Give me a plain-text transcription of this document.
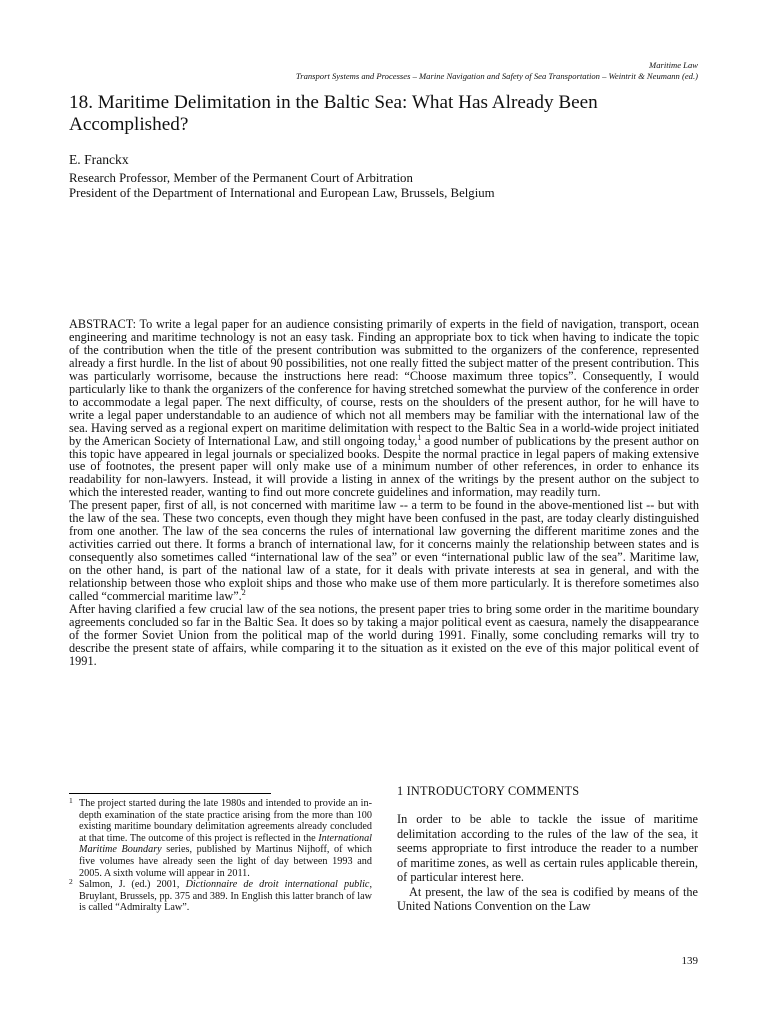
Maritime Law
Transport Systems and Processes – Marine Navigation and Safety of Sea Transportation – Weintrit & Neumann (ed.)
18. Maritime Delimitation in the Baltic Sea: What Has Already Been Accomplished?
E. Franckx
Research Professor, Member of the Permanent Court of Arbitration
President of the Department of International and European Law, Brussels, Belgium

ABSTRACT: To write a legal paper for an audience consisting primarily of experts in the field of navigation, transport, ocean engineering and maritime technology is not an easy task. Finding an appropriate box to tick when having to indicate the topic of the contribution when the title of the present contribution was submitted to the organizers of the conference, represented already a first hurdle. In the list of about 90 possibilities, not one really fitted the subject matter of the present contribution. This was particularly worrisome, because the instructions here read: “Choose maximum three topics”. Consequently, I would particularly like to thank the organizers of the conference for having stretched somewhat the purview of the conference in order to accommodate a legal paper. The next difficulty, of course, rests on the shoulders of the present author, for he will have to write a legal paper understandable to an audience of which not all members may be familiar with the international law of the sea. Having served as a regional expert on maritime delimitation with respect to the Baltic Sea in a world-wide project initiated by the American Society of International Law, and still ongoing today,$^1$ a good number of publications by the present author on this topic have appeared in legal journals or specialized books. Despite the normal practice in legal papers of making extensive use of footnotes, the present paper will only make use of a minimum number of other references, in order to enhance its readability for non-lawyers. Instead, it will provide a listing in annex of the writings by the present author on the subject to which the interested reader, wanting to find out more concrete guidelines and information, may readily turn.

The present paper, first of all, is not concerned with maritime law -- a term to be found in the above-mentioned list -- but with the law of the sea. These two concepts, even though they might have been confused in the past, are today clearly distinguished from one another. The law of the sea concerns the rules of international law governing the different maritime zones and the activities carried out there. It forms a branch of international law, for it concerns mainly the relationship between states and is consequently also sometimes called “international law of the sea” or even “international public law of the sea”. Maritime law, on the other hand, is part of the national law of a state, for it deals with private interests at sea in general, and with the relationship between those who exploit ships and those who make use of them more particularly. It is therefore sometimes also called “commercial maritime law”.$^2$

After having clarified a few crucial law of the sea notions, the present paper tries to bring some order in the maritime boundary agreements concluded so far in the Baltic Sea. It does so by taking a major political event as caesura, namely the disappearance of the former Soviet Union from the political map of the world during 1991. Finally, some concluding remarks will try to describe the present state of affairs, while comparing it to the situation as it existed on the eve of this major political event of 1991.

1 The project started during the late 1980s and intended to provide an in-depth examination of the state practice arising from the more than 100 existing maritime boundary delimitation agreements already concluded at that time. The outcome of this project is reflected in the International Maritime Boundary series, published by Martinus Nijhoff, of which five volumes have already seen the light of day between 1993 and 2005. A sixth volume will appear in 2011.

2 Salmon, J. (ed.) 2001, Dictionnaire de droit international public, Bruylant, Brussels, pp. 375 and 389. In English this latter branch of law is called “Admiralty Law”.

1 INTRODUCTORY COMMENTS

In order to be able to tackle the issue of maritime delimitation according to the rules of the law of the sea, it seems appropriate to first introduce the reader to a number of maritime zones, as well as certain rules applicable therein, of particular interest here.

At present, the law of the sea is codified by means of the United Nations Convention on the Law

139
